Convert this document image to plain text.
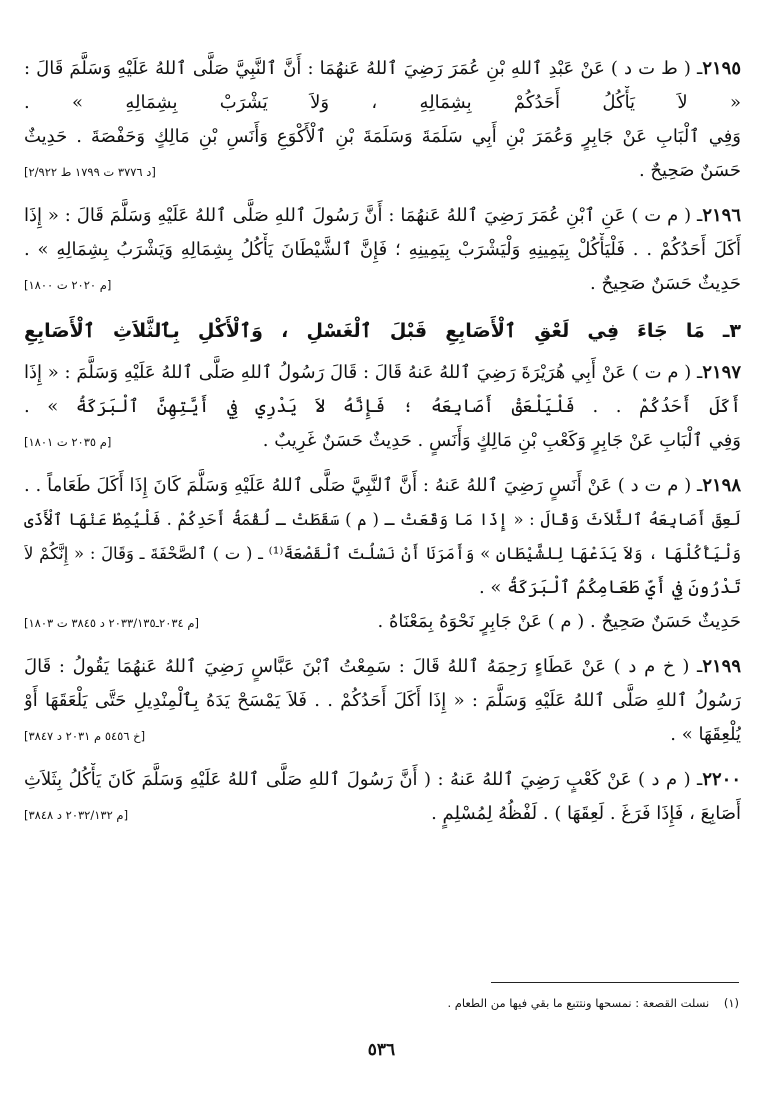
٢١٩٥ـ ( ط ت د ) عَنْ عَبْدِ ٱللهِ بْنِ عُمَرَ رَضِيَ ٱللهُ عَنهُمَا : أَنَّ ٱلنَّبِيَّ صَلَّى ٱللهُ عَلَيْهِ وَسَلَّمَ قَالَ :
« لاَ يَأْكُلُ أَحَدُكُمْ بِشِمَالِهِ ، وَلاَ يَشْرَبْ بِشِمَالِهِ » .
وَفِي ٱلْبَابِ عَنْ جَابِرٍ وَعُمَرَ بْنِ أَبِي سَلَمَةَ وَسَلَمَةَ بْنِ ٱلْأَكْوَعِ وَأَنَسِ بْنِ مَالِكٍ وَحَفْصَةَ . حَدِيثٌ
حَسَنٌ صَحِيحٌ .
[د ٣٧٧٦ ت ١٧٩٩ ط ٢/٩٢٢]
٢١٩٦ـ ( م ت ) عَنِ ٱبْنِ عُمَرَ رَضِيَ ٱللهُ عَنهُمَا : أَنَّ رَسُولَ ٱللهِ صَلَّى ٱللهُ عَلَيْهِ وَسَلَّمَ قَالَ : « إِذَا
أَكَلَ أَحَدُكُمْ . . فَلْيَأْكُلْ بِيَمِينِهِ وَلْيَشْرَبْ بِيَمِينِهِ ؛ فَإِنَّ ٱلشَّيْطَانَ يَأْكُلُ بِشِمَالِهِ وَيَشْرَبُ بِشِمَالِهِ » .
حَدِيثٌ حَسَنٌ صَحِيحٌ .
[م ٢٠٢٠ ت ١٨٠٠]
٣ـ مَا جَاءَ فِي لَعْقِ ٱلْأَصَابِعِ قَبْلَ ٱلْغَسْلِ ، وَٱلْأَكْلِ بِٱلثَّلاَثِ ٱلْأَصَابِعِ
٢١٩٧ـ ( م ت ) عَنْ أَبِي هُرَيْرَةَ رَضِيَ ٱللهُ عَنهُ قَالَ : قَالَ رَسُولُ ٱللهِ صَلَّى ٱللهُ عَلَيْهِ وَسَلَّمَ : « إِذَا
أَكَلَ أَحَدُكُمْ . . فَلْيَلْعَقْ أَصَابِعَهُ ؛ فَإِنَّهُ لاَ يَدْرِي فِي أَيَّتِهِنَّ ٱلْبَرَكَةُ » .
وَفِي ٱلْبَابِ عَنْ جَابِرٍ وَكَعْبِ بْنِ مَالِكٍ وَأَنَسٍ . حَدِيثٌ حَسَنٌ غَرِيبٌ .
[م ٢٠٣٥ ت ١٨٠١]
٢١٩٨ـ ( م ت د ) عَنْ أَنَسٍ رَضِيَ ٱللهُ عَنهُ : أَنَّ ٱلنَّبِيَّ صَلَّى ٱللهُ عَلَيْهِ وَسَلَّمَ كَانَ إِذَا أَكَلَ طَعَاماً . .
لَعِقَ أَصَابِعَهُ ٱلثَّلاَثَ وَقَالَ : « إِذَا مَا وَقَعَتْ ـ ( م ) سَقَطَتْ ـ لُقْمَةُ أَحَدِكُمْ . فَلْيُمِطْ عَنْهَا ٱلْأَذَى
وَلْيَأْكُلْهَا ، وَلاَ يَدَعْهَا لِلشَّيْطَانِ » وَأَمَرَنَا أَنْ نَسْلُتَ ٱلْقَصْعَةَ⁽¹⁾ ـ ( ت ) ٱلصَّحْفَةَ ـ وَقَالَ : « إِنَّكُمْ لاَ
تَدْرُونَ فِي أَيِّ طَعَامِكُمُ ٱلْبَرَكَةُ » .
حَدِيثٌ حَسَنٌ صَحِيحٌ . ( م ) عَنْ جَابِرٍ نَحْوَهُ بِمَعْنَاهُ .
[م ٢٠٣٤ـ٢٠٣٣/١٣٥ د ٣٨٤٥ ت ١٨٠٣]
٢١٩٩ـ ( خ م د ) عَنْ عَطَاءٍ رَحِمَهُ ٱللهُ قَالَ : سَمِعْتُ ٱبْنَ عَبَّاسٍ رَضِيَ ٱللهُ عَنهُمَا يَقُولُ : قَالَ
رَسُولُ ٱللهِ صَلَّى ٱللهُ عَلَيْهِ وَسَلَّمَ : « إِذَا أَكَلَ أَحَدُكُمْ . . فَلاَ يَمْسَحْ يَدَهُ بِٱلْمِنْدِيلِ حَتَّى يَلْعَقَهَا أَوْ
يُلْعِقَهَا » .
[خ ٥٤٥٦ م ٢٠٣١ د ٣٨٤٧]
٢٢٠٠ـ ( م د ) عَنْ كَعْبٍ رَضِيَ ٱللهُ عَنهُ : ( أَنَّ رَسُولَ ٱللهِ صَلَّى ٱللهُ عَلَيْهِ وَسَلَّمَ كَانَ يَأْكُلُ بِثَلاَثِ
أَصَابِعَ ، فَإِذَا فَرَغَ . لَعِقَهَا ) . لَفْظُهُ لِمُسْلِمٍ .
[م ٢٠٣٢/١٣٢ د ٣٨٤٨]
(١)    نسلت القصعة : نمسحها ونتتبع ما بقي فيها من الطعام .
٥٣٦
